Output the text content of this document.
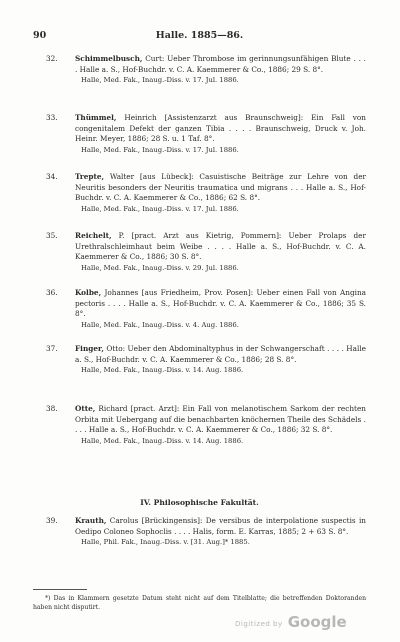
90	Halle. 1885—86.
32. Schimmelbusch, Curt: Ueber Thrombose im gerinnungsunfähigen Blute . . . . Halle a. S., Hof-Buchdr. v. C. A. Kaemmerer & Co., 1886; 29 S. 8°.

Halle, Med. Fak., Inaug.-Diss. v. 17. Jul. 1886.

33. Thümmel, Heinrich [Assistenzarzt aus Braunschweig]: Ein Fall von congenitalem Defekt der ganzen Tibia . . . . Braunschweig, Druck v. Joh. Heinr. Meyer, 1886; 28 S. u. 1 Taf. 8°.

Halle, Med. Fak., Inaug.-Diss. v. 17. Jul. 1886.

34. Trepte, Walter [aus Lübeck]: Casuistische Beiträge zur Lehre von der Neuritis besonders der Neuritis traumatica und migrans . . . Halle a. S., Hof-Buchdr. v. C. A. Kaemmerer & Co., 1886; 62 S. 8°.

Halle, Med. Fak., Inaug.-Diss. v. 17. Jul. 1886.

35. Reichelt, P. [pract. Arzt aus Kietrig, Pommern]: Ueber Prolaps der Urethralschleimhaut beim Weibe . . . . Halle a. S., Hof-Buchdr. v. C. A. Kaemmerer & Co., 1886; 30 S. 8°.

Halle, Med. Fak., Inaug.-Diss. v. 29. Jul. 1886.

36. Kolbe, Johannes [aus Friedheim, Prov. Posen]: Ueber einen Fall von Angina pectoris . . . . Halle a. S., Hof-Buchdr. v. C. A. Kaemmerer & Co., 1886; 35 S. 8°.

Halle, Med. Fak., Inaug.-Diss. v. 4. Aug. 1886.

37. Finger, Otto: Ueber den Abdominaltyphus in der Schwangerschaft . . . . Halle a. S., Hof-Buchdr. v. C. A. Kaemmerer & Co., 1886; 28 S. 8°.

Halle, Med. Fak., Inaug.-Diss. v. 14. Aug. 1886.

38. Otte, Richard [pract. Arzt]: Ein Fall von melanotischem Sarkom der rechten Orbita mit Uebergang auf die benachbarten knöchernen Theile des Schädels . . . . Halle a. S., Hof-Buchdr. v. C. A. Kaemmerer & Co., 1886; 32 S. 8°.

Halle, Med. Fak., Inaug.-Diss. v. 14. Aug. 1886.

IV. Philosophische Fakultät.
39. Krauth, Carolus [Brückingensis]: De versibus de interpolatione suspectis in Oedipo Coloneo Sophoclis . . . . Halis, form. E. Karras, 1885; 2 + 63 S. 8°.

Halle, Phil. Fak., Inaug.-Diss. v. [31. Aug.]* 1885.

*) Das in Klammern gesetzte Datum steht nicht auf dem Titelblatte; die betreffenden Doktoranden haben nicht disputirt.
Digitized by Google
